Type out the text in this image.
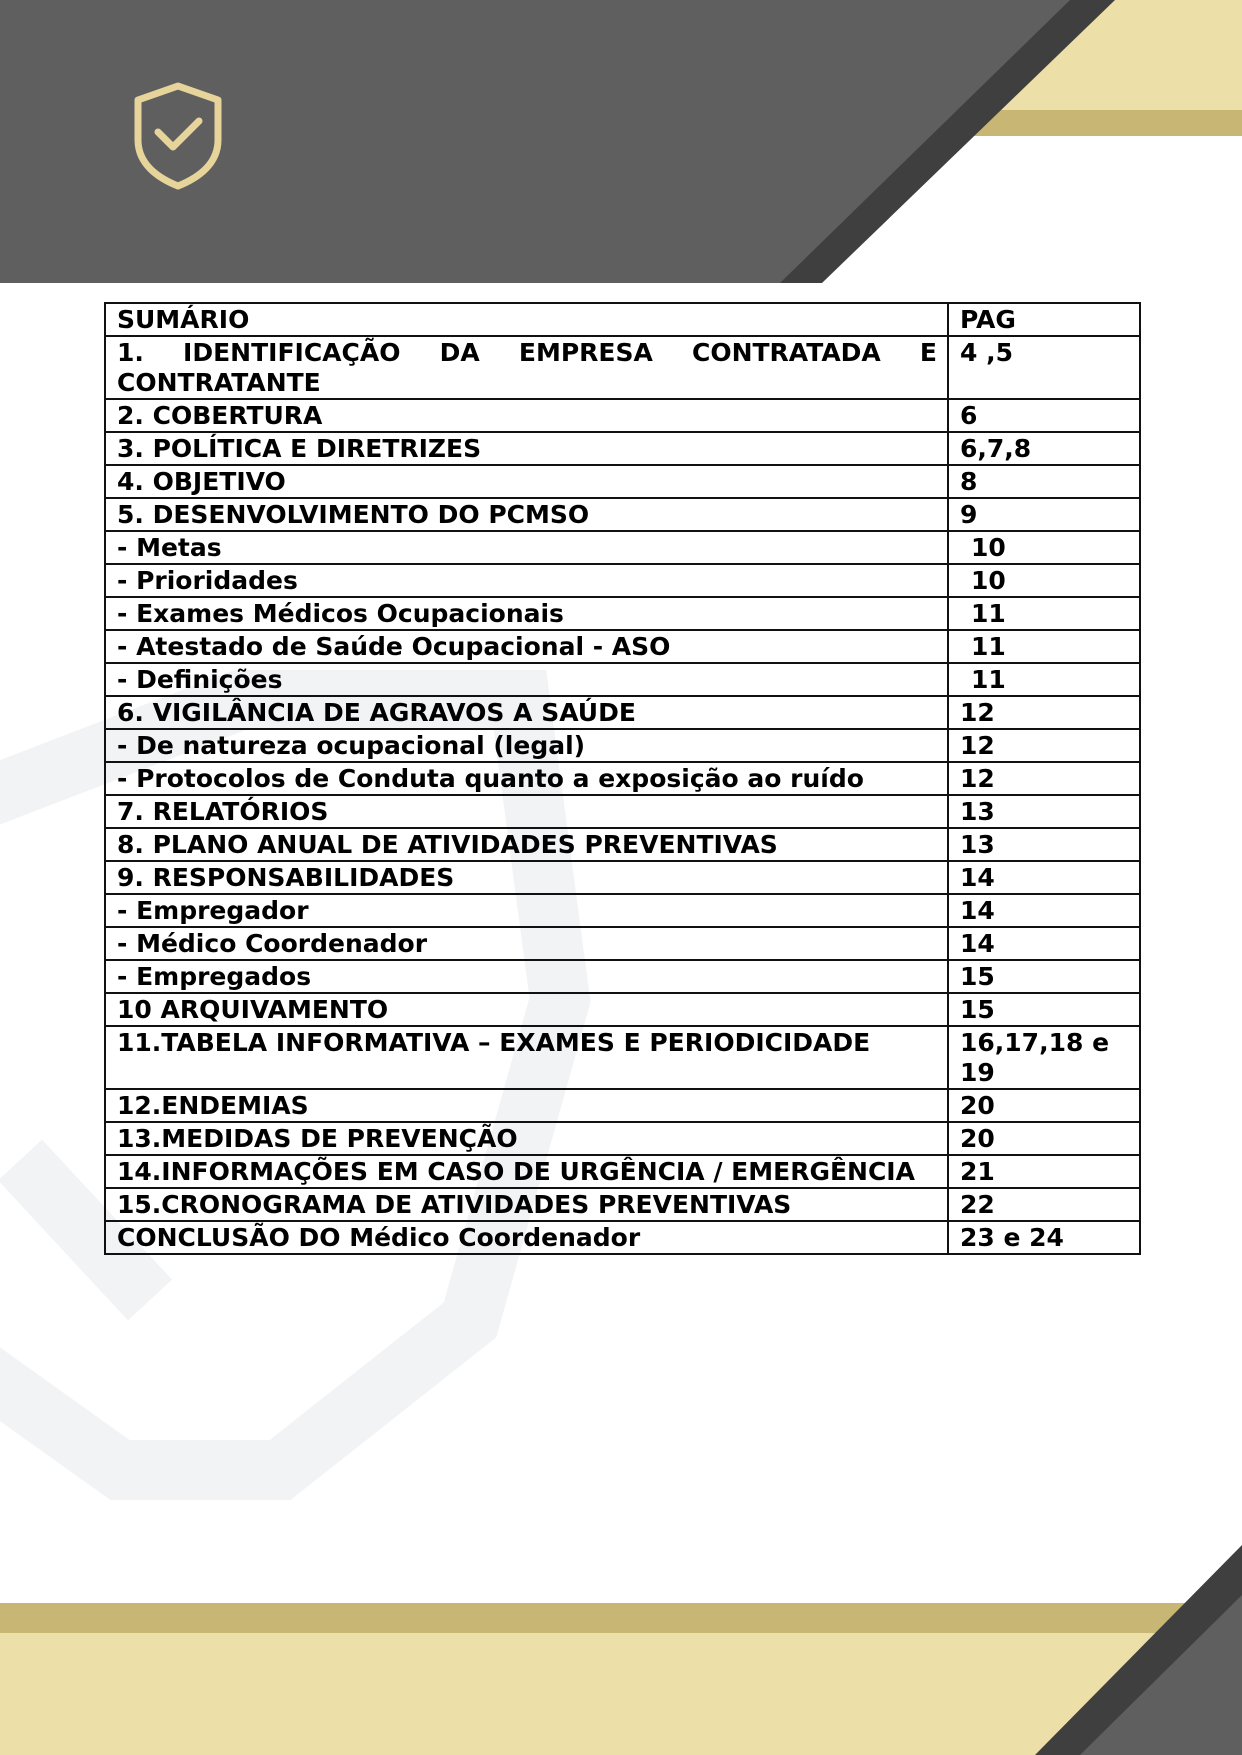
SUMÁRIO	PAG
1. IDENTIFICAÇÃO DA EMPRESA CONTRATADA E CONTRATANTE	4 ,5
2. COBERTURA	6
3. POLÍTICA E DIRETRIZES	6,7,8
4. OBJETIVO	8
5. DESENVOLVIMENTO DO PCMSO	9
- Metas	10
- Prioridades	10
- Exames Médicos Ocupacionais	11
- Atestado de Saúde Ocupacional - ASO	11
- Definições	11
6. VIGILÂNCIA DE AGRAVOS A SAÚDE	12
- De natureza ocupacional (legal)	12
- Protocolos de Conduta quanto a exposição ao ruído	12
7. RELATÓRIOS	13
8. PLANO ANUAL DE ATIVIDADES PREVENTIVAS	13
9. RESPONSABILIDADES	14
- Empregador	14
- Médico Coordenador	14
- Empregados	15
10 ARQUIVAMENTO	15
11.TABELA INFORMATIVA – EXAMES E PERIODICIDADE	16,17,18 e 19
12.ENDEMIAS	20
13.MEDIDAS DE PREVENÇÃO	20
14.INFORMAÇÕES EM CASO DE URGÊNCIA / EMERGÊNCIA	21
15.CRONOGRAMA DE ATIVIDADES PREVENTIVAS	22
CONCLUSÃO DO Médico Coordenador	23 e 24
